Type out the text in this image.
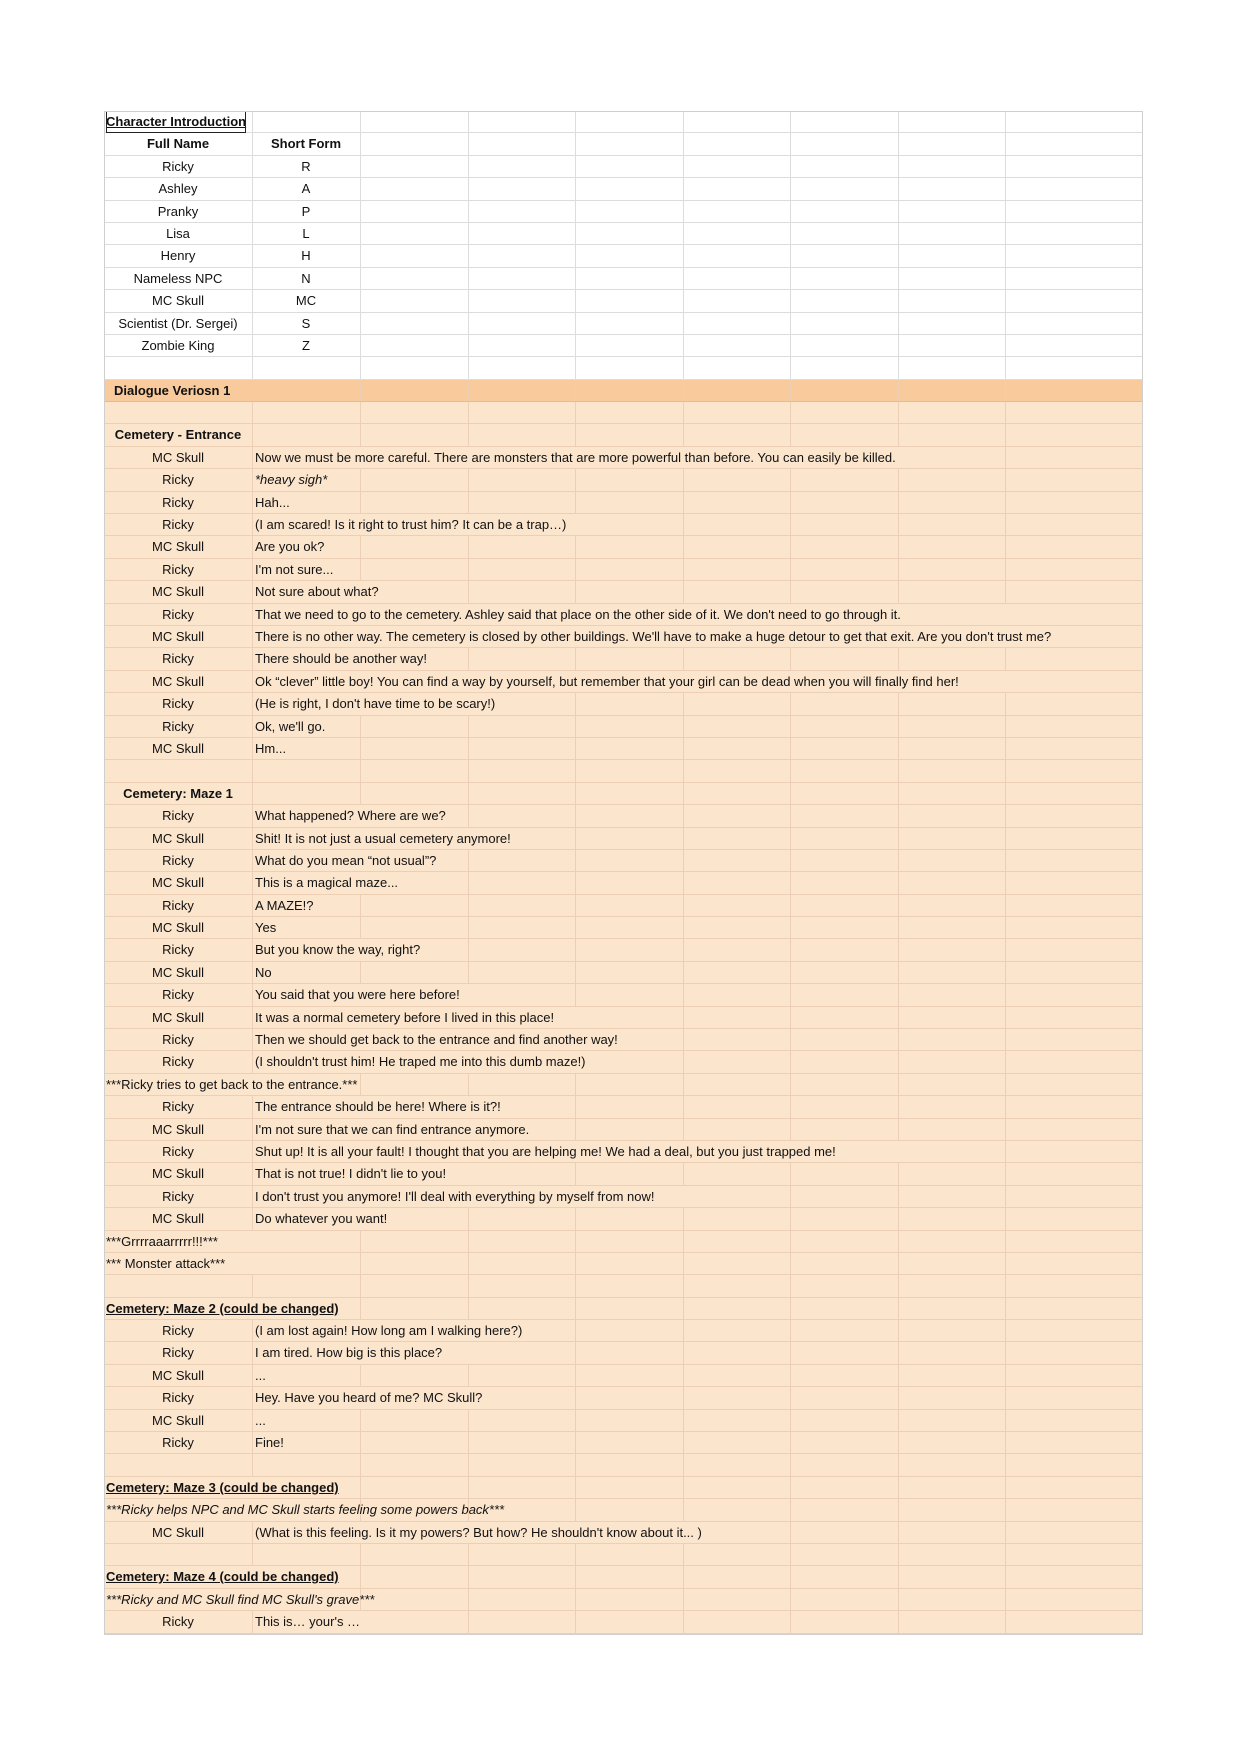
Character Introduction
Full Name	Short Form
Ricky	R
Ashley	A
Pranky	P
Lisa	L
Henry	H
Nameless NPC	N
MC Skull	MC
Scientist (Dr. Sergei)	S
Zombie King	Z
Dialogue Veriosn 1
Cemetery - Entrance
MC Skull	Now we must be more careful. There are monsters that are more powerful than before. You can easily be killed.
Ricky	*heavy sigh*
Ricky	Hah...
Ricky	(I am scared! Is it right to trust him? It can be a trap…)
MC Skull	Are you ok?
Ricky	I'm not sure...
MC Skull	Not sure about what?
Ricky	That we need to go to the cemetery. Ashley said that place on the other side of it. We don't need to go through it.
MC Skull	There is no other way. The cemetery is closed by other buildings. We'll have to make a huge detour to get that exit. Are you don't trust me?
Ricky	There should be another way!
MC Skull	Ok “clever” little boy! You can find a way by yourself, but remember that your girl can be dead when you will finally find her!
Ricky	(He is right, I don't have time to be scary!)
Ricky	Ok, we'll go.
MC Skull	Hm...
Cemetery: Maze 1
Ricky	What happened? Where are we?
MC Skull	Shit! It is not just a usual cemetery anymore!
Ricky	What do you mean “not usual”?
MC Skull	This is a magical maze...
Ricky	A MAZE!?
MC Skull	Yes
Ricky	But you know the way, right?
MC Skull	No
Ricky	You said that you were here before!
MC Skull	It was a normal cemetery before I lived in this place!
Ricky	Then we should get back to the entrance and find another way!
Ricky	(I shouldn't trust him! He traped me into this dumb maze!)
***Ricky tries to get back to the entrance.***
Ricky	The entrance should be here! Where is it?!
MC Skull	I'm not sure that we can find entrance anymore.
Ricky	Shut up! It is all your fault! I thought that you are helping me! We had a deal, but you just trapped me!
MC Skull	That is not true! I didn't lie to you!
Ricky	I don't trust you anymore! I'll deal with everything by myself from now!
MC Skull	Do whatever you want!
***Grrrraaarrrrr!!!***
*** Monster attack***
Cemetery: Maze 2 (could be changed)
Ricky	(I am lost again! How long am I walking here?)
Ricky	I am tired. How big is this place?
MC Skull	...
Ricky	Hey. Have you heard of me? MC Skull?
MC Skull	...
Ricky	Fine!
Cemetery: Maze 3 (could be changed)
***Ricky helps NPC and MC Skull starts feeling some powers back***
MC Skull	(What is this feeling. Is it my powers? But how? He shouldn't know about it... )
Cemetery: Maze 4 (could be changed)
***Ricky and MC Skull find MC Skull's grave***
Ricky	This is… your's …
